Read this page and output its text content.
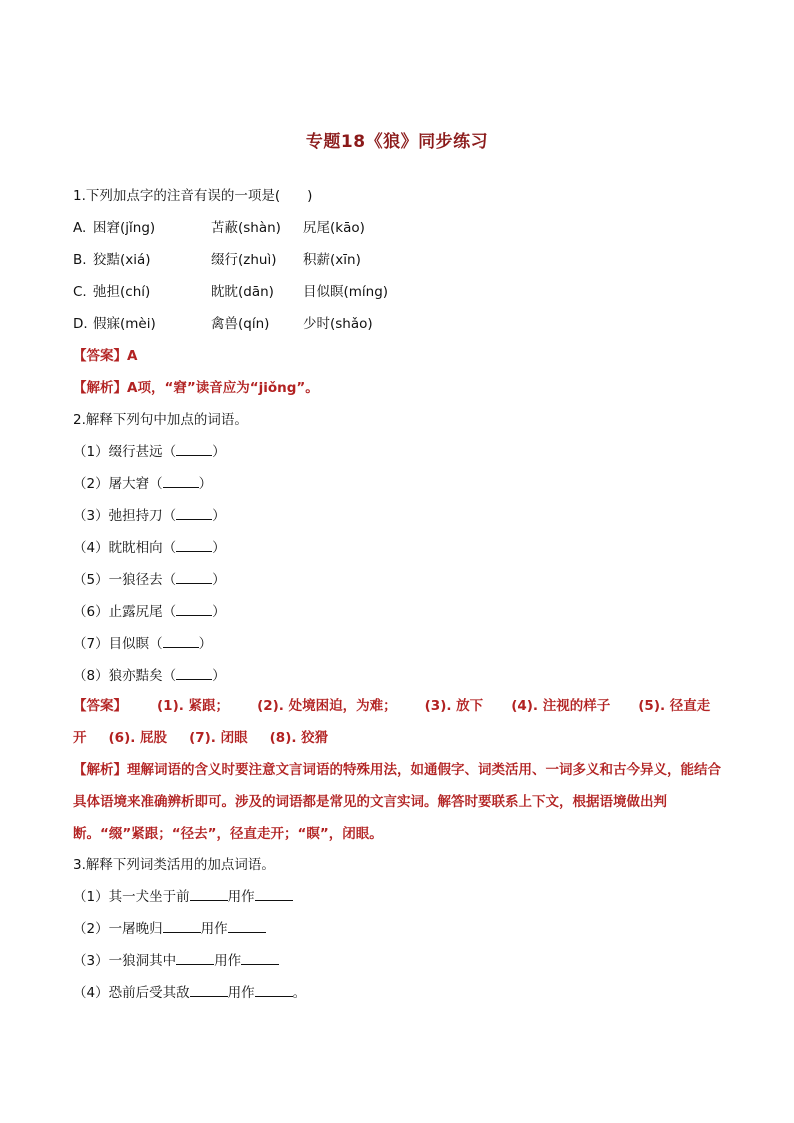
专题18《狼》同步练习
1.下列加点字的注音有误的一项是(　　)
A. 困窘(jǐng)	苫蔽(shàn) 尻尾(kāo)
B. 狡黠(xiá)	缀行(zhuì) 积薪(xīn)
C. 弛担(chí)	眈眈(dān) 目似瞑(míng)
D. 假寐(mèi)	禽兽(qín) 少时(shǎo)
【答案】A
【解析】A项，“窘”读音应为“jiǒng”。
2.解释下列句中加点的词语。
（1）缀行甚远（	）
（2）屠大窘（	）
（3）弛担持刀（	）
（4）眈眈相向（	）
（5）一狼径去（	）
（6）止露尻尾（	）
（7）目似瞑（	）
（8）狼亦黠矣（	）
【答案】 (1). 紧跟； (2). 处境困迫，为难； (3). 放下 (4). 注视的样子 (5). 径直走
开 (6). 屁股 (7). 闭眼 (8). 狡猾
【解析】理解词语的含义时要注意文言词语的特殊用法，如通假字、词类活用、一词多义和古今异义，能结合具体语境来准确辨析即可。涉及的词语都是常见的文言实词。解答时要联系上下文，根据语境做出判断。“缀”紧跟；“径去”，径直走开；“瞑”，闭眼。
3.解释下列词类活用的加点词语。
（1）其一犬坐于前	用作
（2）一屠晚归	用作
（3）一狼洞其中	用作
（4）恐前后受其敌	用作	。
